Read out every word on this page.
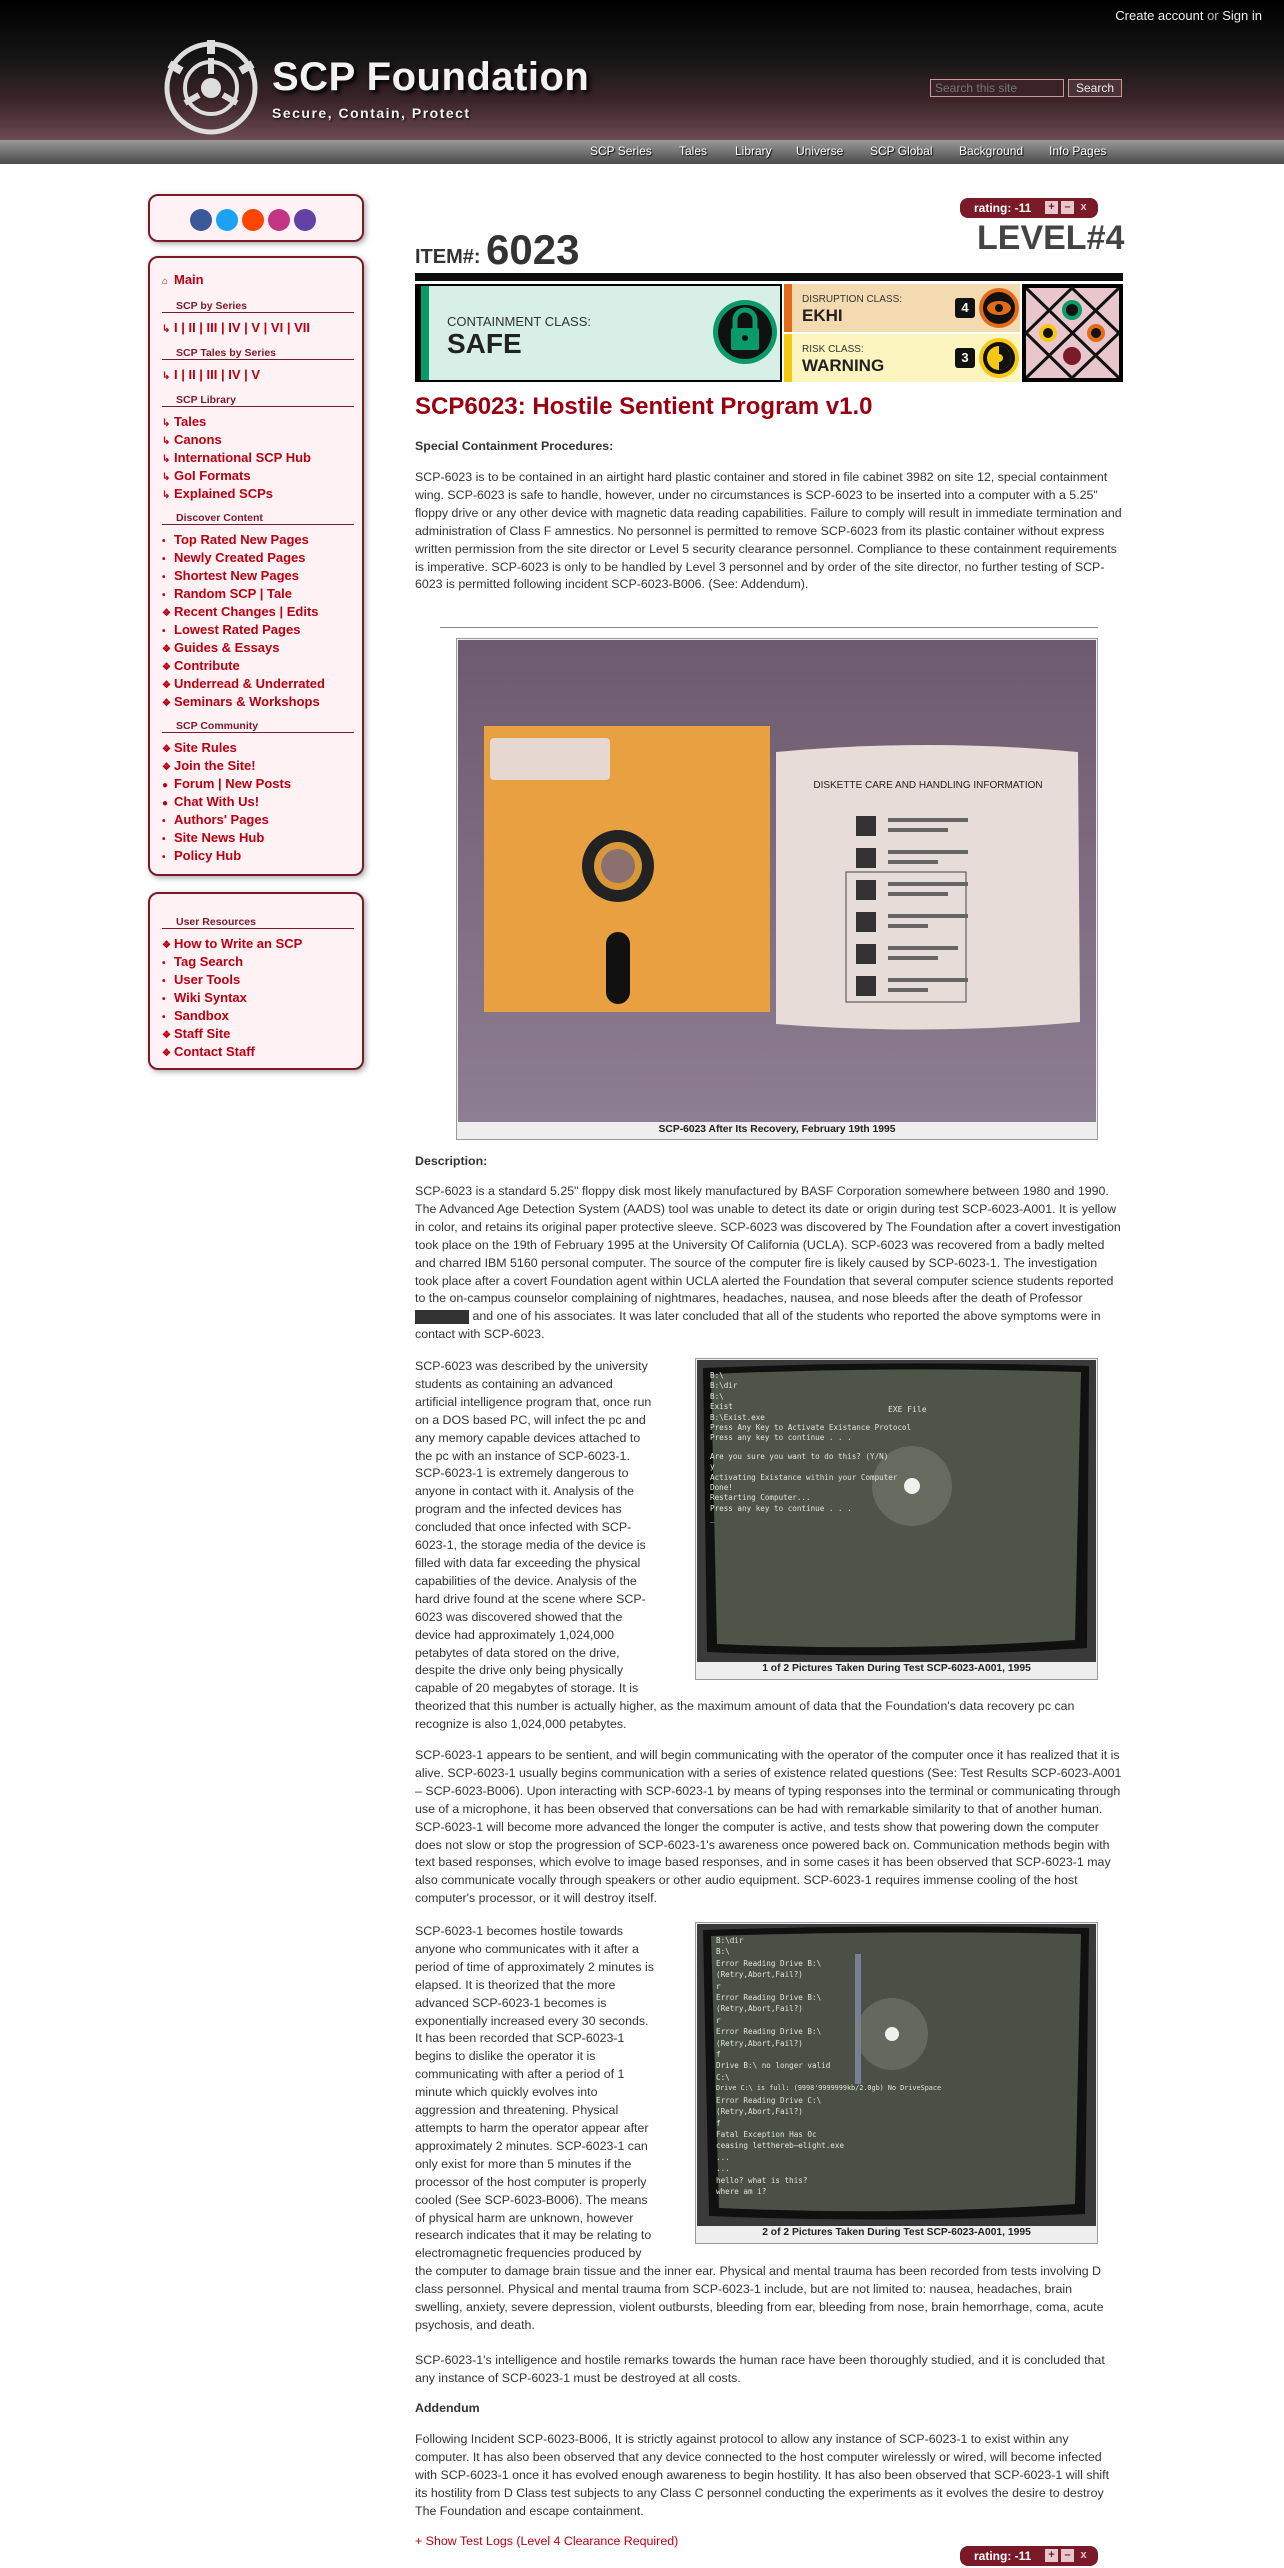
Create account or Sign in
SCP Foundation
Secure, Contain, Protect
Search this site
Search
SCP Series Tales Library Universe SCP Global Background Info Pages
⌂ Main
SCP by Series
↳ I | II | III | IV | V | VI | VII
SCP Tales by Series
↳ I | II | III | IV | V
SCP Library
↳ Tales
↳ Canons
↳ International SCP Hub
↳ GoI Formats
↳ Explained SCPs
Discover Content
• Top Rated New Pages
• Newly Created Pages
• Shortest New Pages
• Random SCP | Tale
❖ Recent Changes | Edits
• Lowest Rated Pages
❖ Guides & Essays
❖ Contribute
❖ Underread & Underrated
❖ Seminars & Workshops
SCP Community
❖ Site Rules
❖ Join the Site!
● Forum | New Posts
● Chat With Us!
• Authors' Pages
• Site News Hub
• Policy Hub
User Resources
❖ How to Write an SCP
• Tag Search
• User Tools
• Wiki Syntax
• Sandbox
❖ Staff Site
❖ Contact Staff
rating: -11 + – x
ITEM#: 6023	LEVEL#4
CONTAINMENT CLASS:
SAFE
DISRUPTION CLASS:
EKHI	4
RISK CLASS:
WARNING	3
SCP6023: Hostile Sentient Program v1.0
Special Containment Procedures:
SCP-6023 is to be contained in an airtight hard plastic container and stored in file cabinet 3982 on site 12, special containment wing. SCP-6023 is safe to handle, however, under no circumstances is SCP-6023 to be inserted into a computer with a 5.25" floppy drive or any other device with magnetic data reading capabilities. Failure to comply will result in immediate termination and administration of Class F amnestics. No personnel is permitted to remove SCP-6023 from its plastic container without express written permission from the site director or Level 5 security clearance personnel. Compliance to these containment requirements is imperative. SCP-6023 is only to be handled by Level 3 personnel and by order of the site director, no further testing of SCP-6023 is permitted following incident SCP-6023-B006. (See: Addendum).
DISKETTE CARE AND HANDLING INFORMATION
SCP-6023 After Its Recovery, February 19th 1995
Description:
SCP-6023 is a standard 5.25" floppy disk most likely manufactured by BASF Corporation somewhere between 1980 and 1990. The Advanced Age Detection System (AADS) tool was unable to detect its date or origin during test SCP-6023-A001. It is yellow in color, and retains its original paper protective sleeve. SCP-6023 was discovered by The Foundation after a covert investigation took place on the 19th of February 1995 at the University Of California (UCLA). SCP-6023 was recovered from a badly melted and charred IBM 5160 personal computer. The source of the computer fire is likely caused by SCP-6023-1. The investigation took place after a covert Foundation agent within UCLA alerted the Foundation that several computer science students reported to the on-campus counselor complaining of nightmares, headaches, nausea, and nose bleeds after the death of Professor  and one of his associates. It was later concluded that all of the students who reported the above symptoms were in contact with SCP-6023.
SCP-6023 was described by the university
students as containing an advanced
artificial intelligence program that, once run
on a DOS based PC, will infect the pc and
any memory capable devices attached to
the pc with an instance of SCP-6023-1.
SCP-6023-1 is extremely dangerous to
anyone in contact with it. Analysis of the
program and the infected devices has
concluded that once infected with SCP-
6023-1, the storage media of the device is
filled with data far exceeding the physical
capabilities of the device. Analysis of the
hard drive found at the scene where SCP-
6023 was discovered showed that the
device had approximately 1,024,000
petabytes of data stored on the drive,
despite the drive only being physically
capable of 20 megabytes of storage. It is
theorized that this number is actually higher, as the maximum amount of data that the Foundation's data recovery pc can recognize is also 1,024,000 petabytes.
B:\
B:\dir
B:\
Exist
B:\Exist.exe
Press Any Key to Activate Existance Protocol
Press any key to continue . . .
Are you sure you want to do this? (Y/N)
y
Activating Existance within your Computer
Done!
Restarting Computer...
Press any key to continue . . .
_
EXE File
1 of 2 Pictures Taken During Test SCP-6023-A001, 1995
SCP-6023-1 appears to be sentient, and will begin communicating with the operator of the computer once it has realized that it is alive. SCP-6023-1 usually begins communication with a series of existence related questions (See: Test Results SCP-6023-A001 – SCP-6023-B006). Upon interacting with SCP-6023-1 by means of typing responses into the terminal or communicating through use of a microphone, it has been observed that conversations can be had with remarkable similarity to that of another human. SCP-6023-1 will become more advanced the longer the computer is active, and tests show that powering down the computer does not slow or stop the progression of SCP-6023-1's awareness once powered back on. Communication methods begin with text based responses, which evolve to image based responses, and in some cases it has been observed that SCP-6023-1 may also communicate vocally through speakers or other audio equipment. SCP-6023-1 requires immense cooling of the host computer's processor, or it will destroy itself.
SCP-6023-1 becomes hostile towards
anyone who communicates with it after a
period of time of approximately 2 minutes is
elapsed. It is theorized that the more
advanced SCP-6023-1 becomes is
exponentially increased every 30 seconds.
It has been recorded that SCP-6023-1
begins to dislike the operator it is
communicating with after a period of 1
minute which quickly evolves into
aggression and threatening. Physical
attempts to harm the operator appear after
approximately 2 minutes. SCP-6023-1 can
only exist for more than 5 minutes if the
processor of the host computer is properly
cooled (See SCP-6023-B006). The means
of physical harm are unknown, however
research indicates that it may be relating to
electromagnetic frequencies produced by
the computer to damage brain tissue and the inner ear. Physical and mental trauma has been recorded from tests involving D class personnel. Physical and mental trauma from SCP-6023-1 include, but are not limited to: nausea, headaches, brain swelling, anxiety, severe depression, violent outbursts, bleeding from ear, bleeding from nose, brain hemorrhage, coma, acute psychosis, and death.
B:\dir
B:\
Error Reading Drive B:\
(Retry,Abort,Fail?)
r
Error Reading Drive B:\
(Retry,Abort,Fail?)
r
Error Reading Drive B:\
(Retry,Abort,Fail?)
f
Drive B:\ no longer valid
C:\
Drive C:\ is full: (9998'9999999kb/2.0gb) No DriveSpace
Error Reading Drive C:\
(Retry,Abort,Fail?)
f
Fatal Exception Has Oc
ceasing letthereb̶elight.exe
...
...
hello? what is this?
where am i?
2 of 2 Pictures Taken During Test SCP-6023-A001, 1995
SCP-6023-1's intelligence and hostile remarks towards the human race have been thoroughly studied, and it is concluded that any instance of SCP-6023-1 must be destroyed at all costs.
Addendum
Following Incident SCP-6023-B006, It is strictly against protocol to allow any instance of SCP-6023-1 to exist within any computer. It has also been observed that any device connected to the host computer wirelessly or wired, will become infected with SCP-6023-1 once it has evolved enough awareness to begin hostility. It has also been observed that SCP-6023-1 will shift its hostility from D Class test subjects to any Class C personnel conducting the experiments as it evolves the desire to destroy The Foundation and escape containment.
+ Show Test Logs (Level 4 Clearance Required)
rating: -11 + – x
